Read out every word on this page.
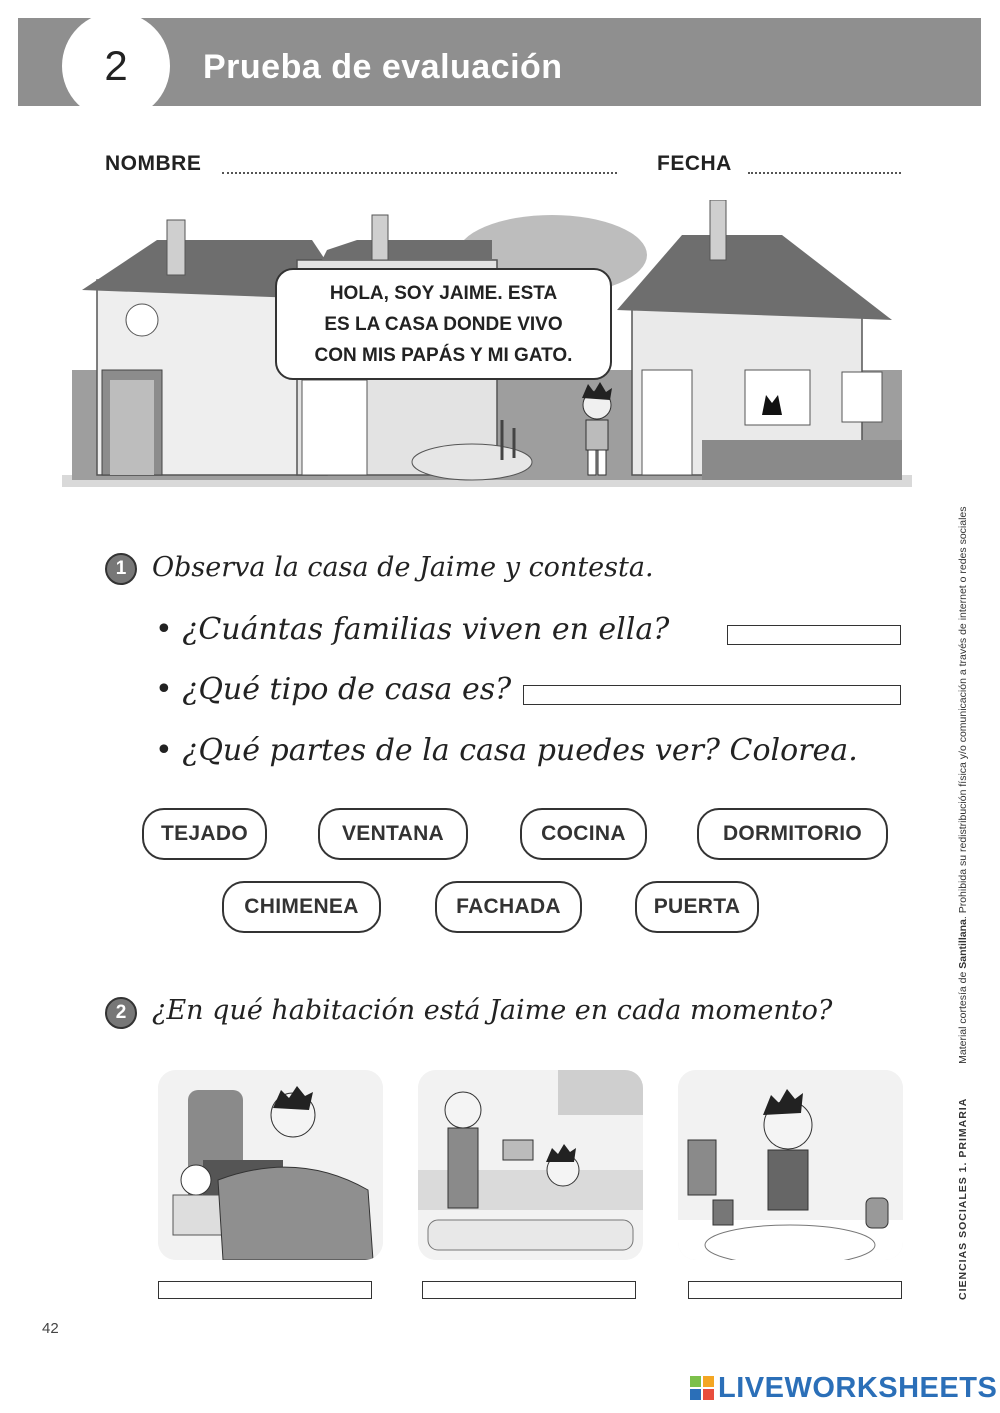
2	Prueba de evaluación
NOMBRE	FECHA
HOLA, SOY JAIME. ESTA
ES LA CASA DONDE VIVO
CON MIS PAPÁS Y MI GATO.
1 Observa la casa de Jaime y contesta.
• ¿Cuántas familias viven en ella?
• ¿Qué tipo de casa es?
• ¿Qué partes de la casa puedes ver? Colorea.
TEJADO	VENTANA	COCINA	DORMITORIO
CHIMENEA	FACHADA	PUERTA
2 ¿En qué habitación está Jaime en cada momento?
CIENCIAS SOCIALES 1. PRIMARIA  Material cortesía de Santillana. Prohibida su redistribución física y/o comunicación a través de internet o redes sociales
42
LIVEWORKSHEETS
